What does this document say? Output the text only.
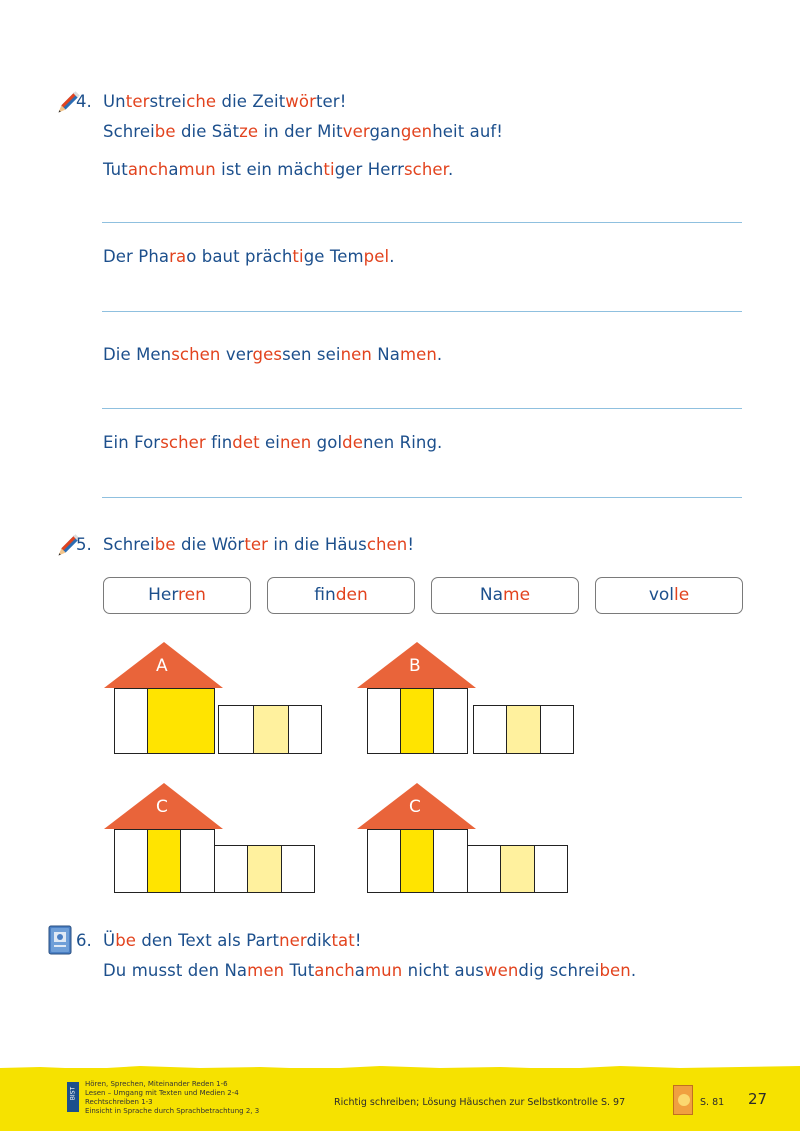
4. Unterstreiche die Zeitwörter!
Schreibe die Sätze in der Mitvergangenheit auf!
Tutanchamun ist ein mächtiger Herrscher.
Der Pharao baut prächtige Tempel.
Die Menschen vergessen seinen Namen.
Ein Forscher findet einen goldenen Ring.
5. Schreibe die Wörter in die Häuschen!
Herren	finden	Name	volle
A	B
C	C
6. Übe den Text als Partnerdiktat!
Du musst den Namen Tutanchamun nicht auswendig schreiben.
BIST
Hören, Sprechen, Miteinander Reden 1-6
Lesen – Umgang mit Texten und Medien 2-4
Rechtschreiben 1-3
Einsicht in Sprache durch Sprachbetrachtung 2, 3
Richtig schreiben; Lösung Häuschen zur Selbstkontrolle S. 97	S. 81 27
